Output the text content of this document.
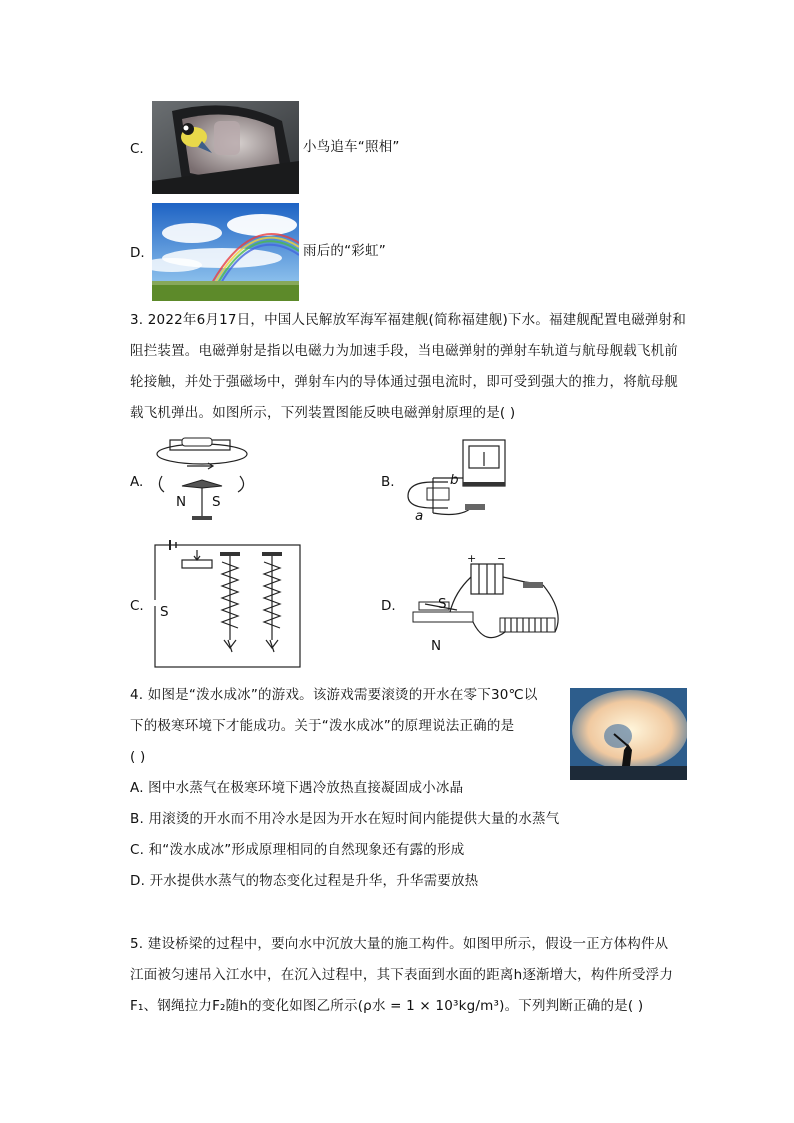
C.	小鸟追车“照相”
D.	雨后的“彩虹”
3. 2022年6月17日，中国人民解放军海军福建舰(简称福建舰)下水。福建舰配置电磁弹射和
阻拦装置。电磁弹射是指以电磁力为加速手段，当电磁弹射的弹射车轨道与航母舰载飞机前
轮接触，并处于强磁场中，弹射车内的导体通过强电流时，即可受到强大的推力，将航母舰
载飞机弹出。如图所示，下列装置图能反映电磁弹射原理的是( )
A.
N S
B.	b
a
C. S	D.	S
N
+ −
4. 如图是“泼水成冰”的游戏。该游戏需要滚烫的开水在零下30℃以
下的极寒环境下才能成功。关于“泼水成冰”的原理说法正确的是
( )
A. 图中水蒸气在极寒环境下遇冷放热直接凝固成小冰晶
B. 用滚烫的开水而不用冷水是因为开水在短时间内能提供大量的水蒸气
C. 和“泼水成冰”形成原理相同的自然现象还有露的形成
D. 开水提供水蒸气的物态变化过程是升华，升华需要放热
5. 建设桥梁的过程中，要向水中沉放大量的施工构件。如图甲所示，假设一正方体构件从
江面被匀速吊入江水中，在沉入过程中，其下表面到水面的距离h逐渐增大，构件所受浮力
F₁、钢绳拉力F₂随h的变化如图乙所示(ρ水 = 1 × 10³kg/m³)。下列判断正确的是( )
